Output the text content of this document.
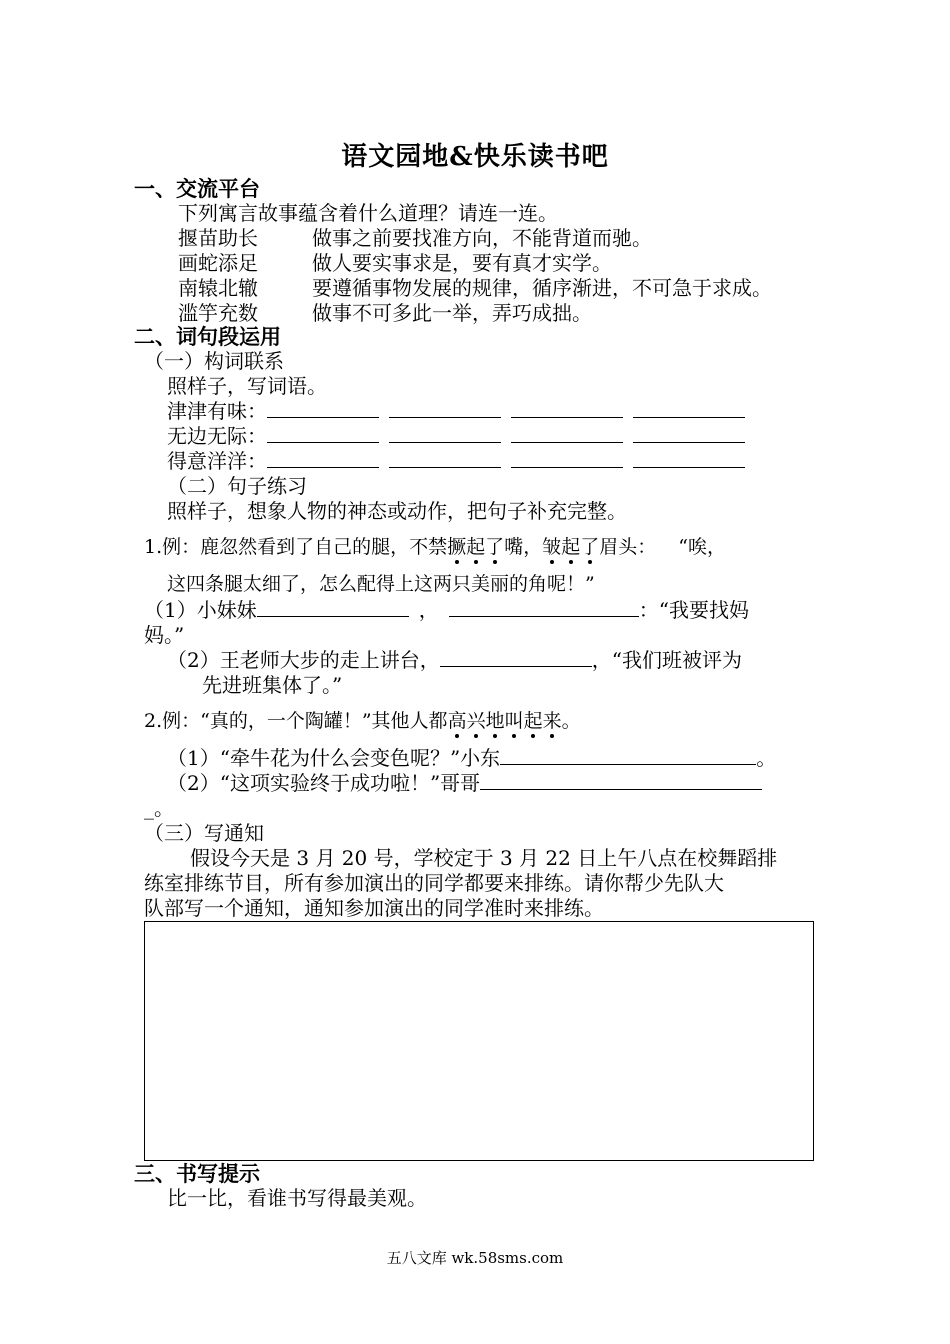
语文园地&快乐读书吧
一、交流平台
下列寓言故事蕴含着什么道理？请连一连。
揠苗助长	做事之前要找准方向，不能背道而驰。
画蛇添足	做人要实事求是，要有真才实学。
南辕北辙	要遵循事物发展的规律，循序渐进，不可急于求成。
滥竽充数	做事不可多此一举，弄巧成拙。
二、词句段运用
（一）构词联系
照样子，写词语。
津津有味：
无边无际：
得意洋洋：
（二）句子练习
照样子，想象人物的神态或动作，把句子补充完整。
1.例：鹿忽然看到了自己的腿，不禁撅起了嘴，皱起了眉头： “唉，
这四条腿太细了，怎么配得上这两只美丽的角呢！”
（1）小妹妹	，	：“我要找妈
妈。”
（2）王老师大步的走上讲台，	，“我们班被评为
先进班集体了。”
2.例：“真的，一个陶罐！”其他人都高兴地叫起来。
（1）“牵牛花为什么会变色呢？”小东	。
（2）“这项实验终于成功啦！”哥哥
_。
（三）写通知
假设今天是 3 月 20 号，学校定于 3 月 22 日上午八点在校舞蹈排
练室排练节目，所有参加演出的同学都要来排练。请你帮少先队大
队部写一个通知，通知参加演出的同学准时来排练。
三、书写提示
比一比，看谁书写得最美观。
五八文库 wk.58sms.com
